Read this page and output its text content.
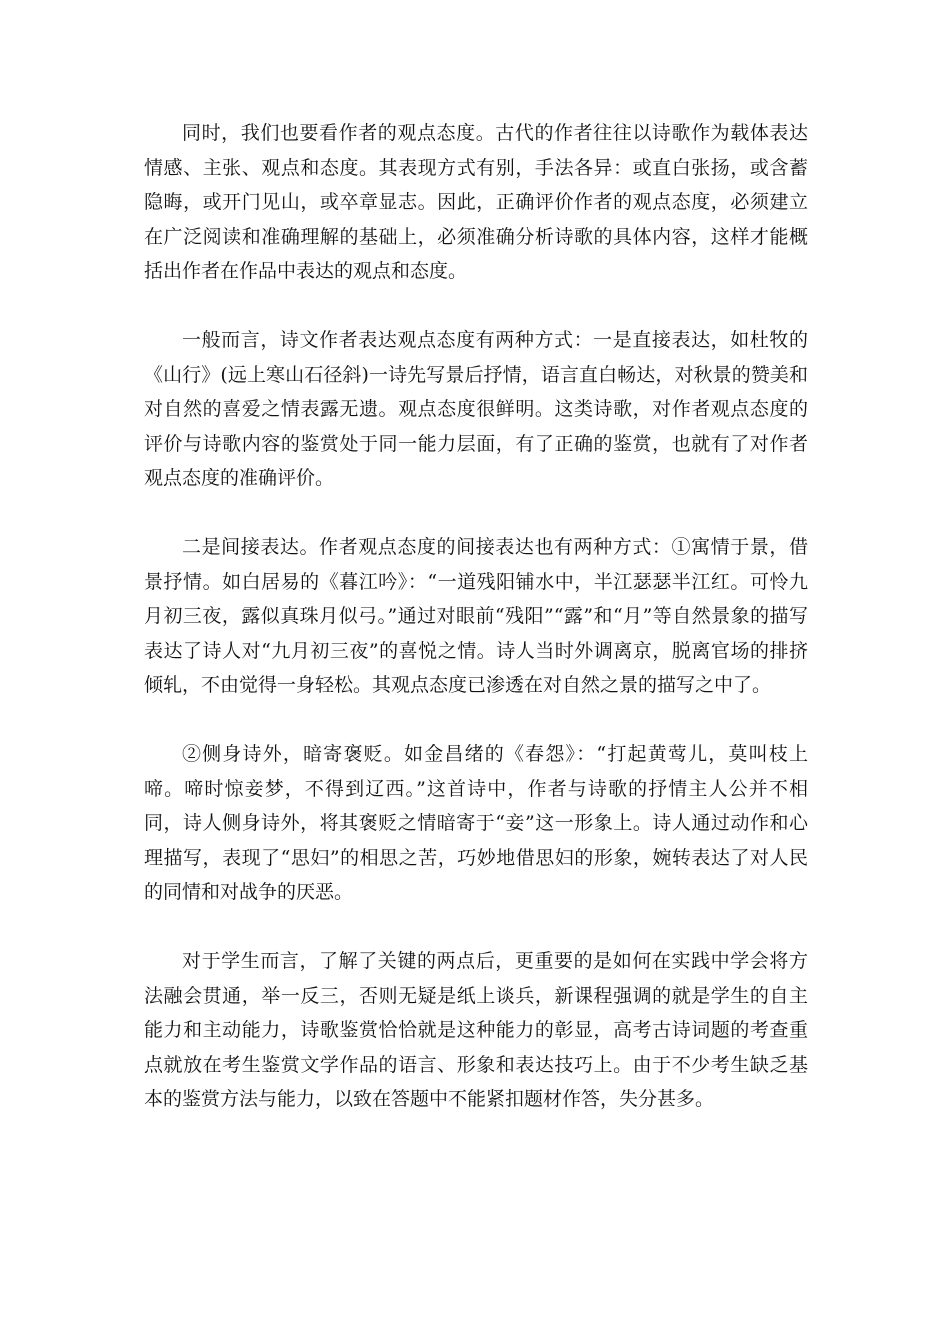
同时，我们也要看作者的观点态度。古代的作者往往以诗歌作为载体表达情感、主张、观点和态度。其表现方式有别，手法各异：或直白张扬，或含蓄隐晦，或开门见山，或卒章显志。因此，正确评价作者的观点态度，必须建立在广泛阅读和准确理解的基础上，必须准确分析诗歌的具体内容，这样才能概括出作者在作品中表达的观点和态度。

一般而言，诗文作者表达观点态度有两种方式：一是直接表达，如杜牧的《山行》(远上寒山石径斜)一诗先写景后抒情，语言直白畅达，对秋景的赞美和对自然的喜爱之情表露无遗。观点态度很鲜明。这类诗歌，对作者观点态度的评价与诗歌内容的鉴赏处于同一能力层面，有了正确的鉴赏，也就有了对作者观点态度的准确评价。

二是间接表达。作者观点态度的间接表达也有两种方式：①寓情于景，借景抒情。如白居易的《暮江吟》：“一道残阳铺水中，半江瑟瑟半江红。可怜九月初三夜，露似真珠月似弓。”通过对眼前“残阳”“露”和“月”等自然景象的描写表达了诗人对“九月初三夜”的喜悦之情。诗人当时外调离京，脱离官场的排挤倾轧，不由觉得一身轻松。其观点态度已渗透在对自然之景的描写之中了。

②侧身诗外，暗寄褒贬。如金昌绪的《春怨》：“打起黄莺儿，莫叫枝上啼。啼时惊妾梦，不得到辽西。”这首诗中，作者与诗歌的抒情主人公并不相同，诗人侧身诗外，将其褒贬之情暗寄于“妾”这一形象上。诗人通过动作和心理描写，表现了“思妇”的相思之苦，巧妙地借思妇的形象，婉转表达了对人民的同情和对战争的厌恶。

对于学生而言，了解了关键的两点后，更重要的是如何在实践中学会将方法融会贯通，举一反三，否则无疑是纸上谈兵，新课程强调的就是学生的自主能力和主动能力，诗歌鉴赏恰恰就是这种能力的彰显，高考古诗词题的考查重点就放在考生鉴赏文学作品的语言、形象和表达技巧上。由于不少考生缺乏基本的鉴赏方法与能力，以致在答题中不能紧扣题材作答，失分甚多。
